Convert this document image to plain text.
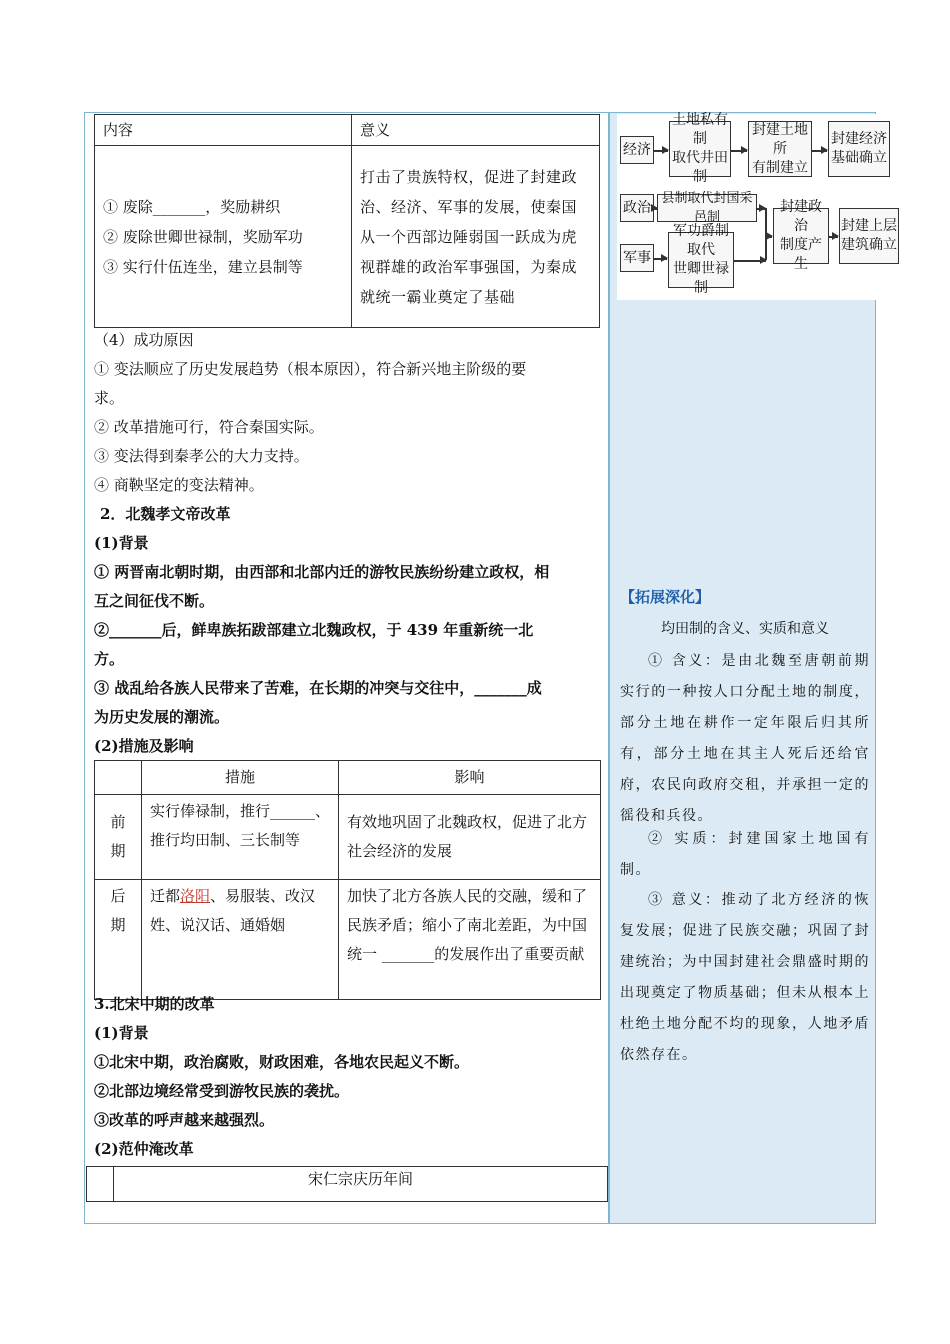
内容	意义

① 废除_______，奖励耕织
② 废除世卿世禄制，奖励军功
③ 实行什伍连坐，建立县制等	打击了贵族特权，促进了封建政治、经济、军事的发展，使秦国从一个西部边陲弱国一跃成为虎视群雄的政治军事强国，为秦成就统一霸业奠定了基础
（4）成功原因
① 变法顺应了历史发展趋势（根本原因），符合新兴地主阶级的要
求。
② 改革措施可行，符合秦国实际。
③ 变法得到秦孝公的大力支持。
④ 商鞅坚定的变法精神。
2．北魏孝文帝改革
(1)背景
① 两晋南北朝时期，由西部和北部内迁的游牧民族纷纷建立政权，相
互之间征伐不断。
②_______后，鲜卑族拓跋部建立北魏政权，于 439 年重新统一北
方。
③ 战乱给各族人民带来了苦难，在长期的冲突与交往中，_______成
为历史发展的潮流。
(2)措施及影响
	措施	影响
前
期	实行俸禄制，推行______、推行均田制、三长制等	有效地巩固了北魏政权，促进了北方社会经济的发展
后
期	迁都洛阳、易服装、改汉姓、说汉话、通婚姻	加快了北方各族人民的交融，缓和了民族矛盾；缩小了南北差距，为中国统一 _______的发展作出了重要贡献
3.北宋中期的改革
(1)背景
①北宋中期，政治腐败，财政困难，各地农民起义不断。
②北部边境经常受到游牧民族的袭扰。
③改革的呼声越来越强烈。
(2)范仲淹改革
	宋仁宗庆历年间
经济
土地私有制
取代井田制
封建土地所
有制建立
封建经济
基础确立
政治
县制取代封国采邑制
军事
军功爵制取代
世卿世禄制
封建政治
制度产生
封建上层
建筑确立
【拓展深化】
均田制的含义、实质和意义
① 含义：是由北魏至唐朝前期实行的一种按人口分配土地的制度，部分土地在耕作一定年限后归其所有，部分土地在其主人死后还给官府，农民向政府交租，并承担一定的徭役和兵役。
② 实质：封建国家土地国有制。
③ 意义：推动了北方经济的恢复发展；促进了民族交融；巩固了封建统治；为中国封建社会鼎盛时期的出现奠定了物质基础；但未从根本上杜绝土地分配不均的现象，人地矛盾依然存在。
